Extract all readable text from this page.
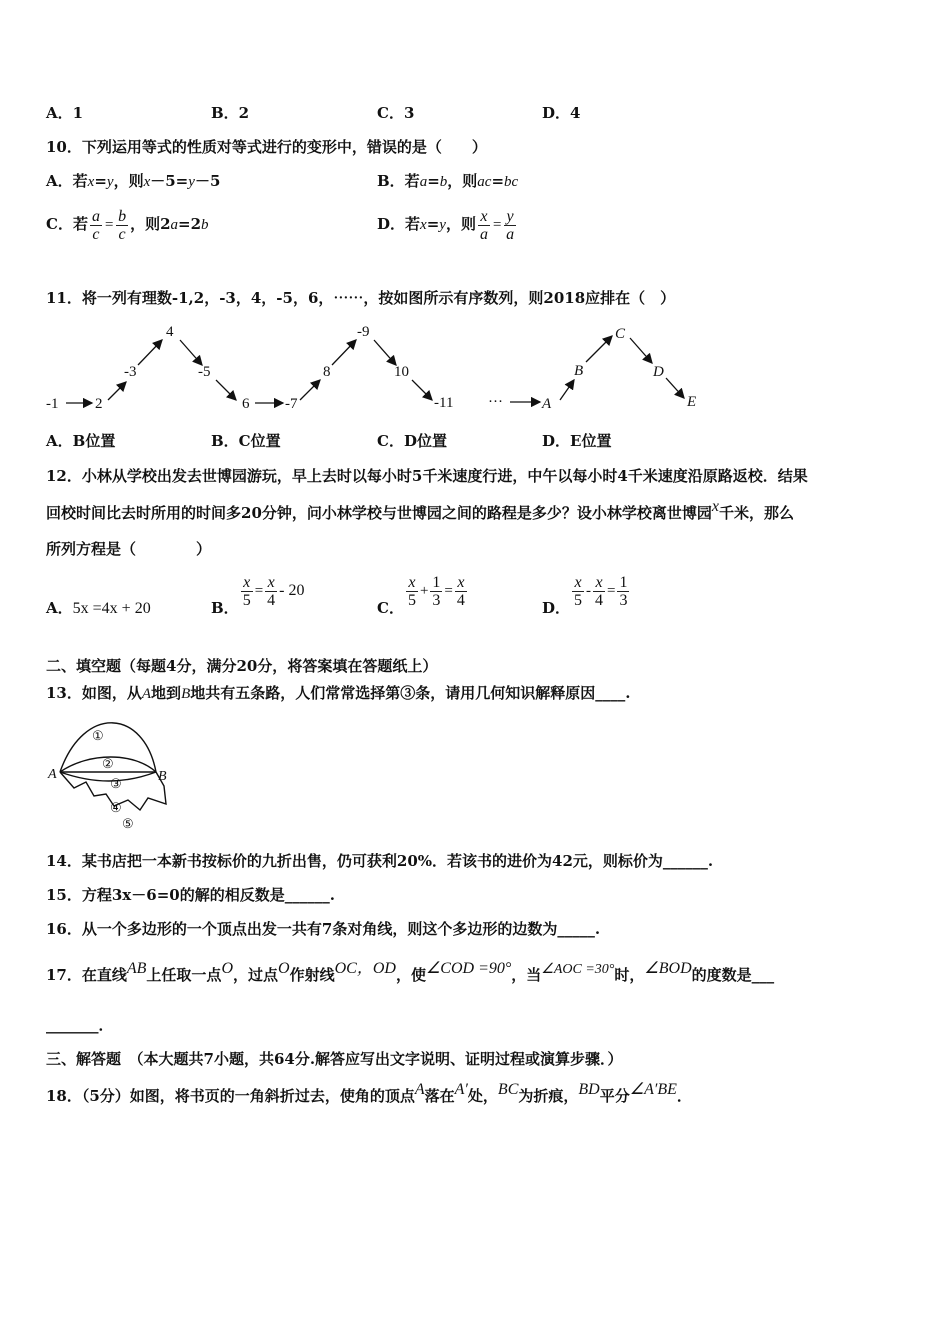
A．1	B．2	C．3	D．4
10．下列运用等式的性质对等式进行的变形中，错误的是（　　）
A．若x=y，则x－5=y－5	B．若a=b，则ac=bc
C．若 $\frac{a}{c} = \frac{b}{c}$ ，则2a=2b	D．若x=y，则 $\frac{x}{a} = \frac{y}{a}$
11．将一列有理数-1,2，-3，4，-5，6，⋯⋯，按如图所示有序数列，则2018应排在（　）
-1 2
-3
4
-5
6 -7
8
-9
10
-11 ···	A
B
C
D
E
A．B位置	B．C位置	C．D位置	D．E位置
12．小林从学校出发去世博园游玩，早上去时以每小时5千米速度行进，中午以每小时4千米速度沿原路返校．结果
回校时间比去时所用的时间多20分钟，问小林学校与世博园之间的路程是多少？设小林学校离世博园x千米，那么
所列方程是（　　　　）
A．5x =4x + 20	B． $\frac{x}{5} = \frac{x}{4} - 20$
C． $\frac{x}{5} + \frac{1}{3} = \frac{x}{4}$	D． $\frac{x}{5} - \frac{x}{4} = \frac{1}{3}$
二、填空题（每题4分，满分20分，将答案填在答题纸上）
13．如图，从A地到B地共有五条路，人们常常选择第③条，请用几何知识解释原因____.
①
②
③
④
⑤
A	B
14．某书店把一本新书按标价的九折出售，仍可获利20%．若该书的进价为42元，则标价为______.
15．方程3x－6=0的解的相反数是______.
16．从一个多边形的一个顶点出发一共有7条对角线，则这个多边形的边数为_____.
17．在直线AB上任取一点O，过点O作射线OC，OD，使∠COD =90°，当∠AOC =30°时，∠BOD的度数是___
_______．
三、解答题　（本大题共7小题，共64分.解答应写出文字说明、证明过程或演算步骤．）
18．（5分）如图，将书页的一角斜折过去，使角的顶点A落在A′处，BC为折痕，BD平分∠A′BE．
